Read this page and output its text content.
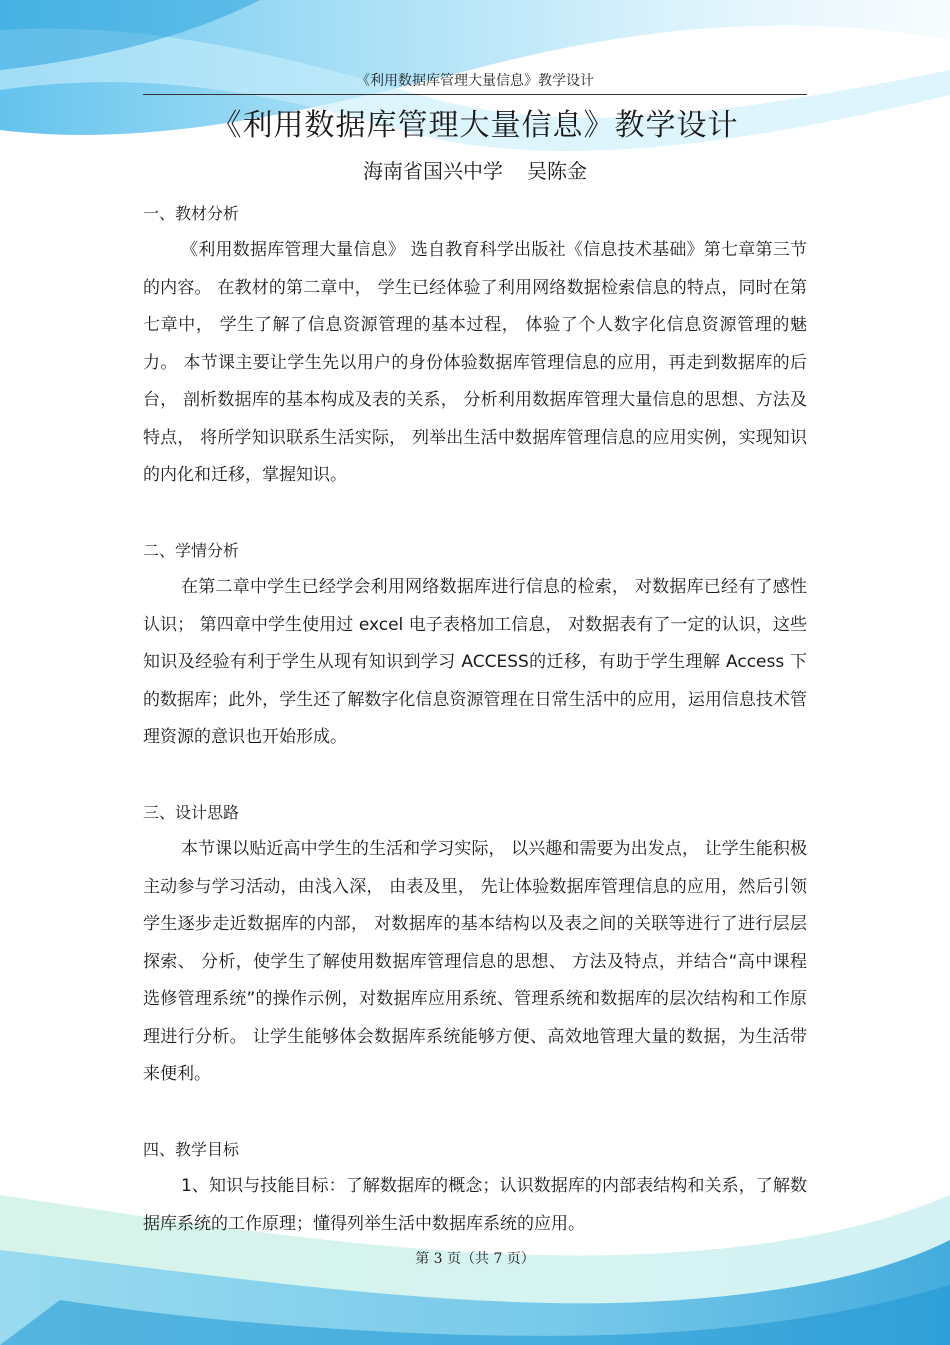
《利用数据库管理大量信息》教学设计
《利用数据库管理大量信息》教学设计
海南省国兴中学 吴陈金
一、教材分析

《利用数据库管理大量信息》 选自教育科学出版社《信息技术基础》第七章第三节的内容。 在教材的第二章中， 学生已经体验了利用网络数据检索信息的特点，同时在第七章中， 学生了解了信息资源管理的基本过程， 体验了个人数字化信息资源管理的魅力。 本节课主要让学生先以用户的身份体验数据库管理信息的应用，再走到数据库的后台， 剖析数据库的基本构成及表的关系， 分析利用数据库管理大量信息的思想、方法及特点， 将所学知识联系生活实际， 列举出生活中数据库管理信息的应用实例，实现知识的内化和迁移，掌握知识。

二、学情分析

在第二章中学生已经学会利用网络数据库进行信息的检索， 对数据库已经有了感性认识； 第四章中学生使用过 excel 电子表格加工信息， 对数据表有了一定的认识，这些知识及经验有利于学生从现有知识到学习 ACCESS的迁移，有助于学生理解 Access 下的数据库；此外，学生还了解数字化信息资源管理在日常生活中的应用，运用信息技术管理资源的意识也开始形成。

三、设计思路

本节课以贴近高中学生的生活和学习实际， 以兴趣和需要为出发点， 让学生能积极主动参与学习活动，由浅入深， 由表及里， 先让体验数据库管理信息的应用，然后引领学生逐步走近数据库的内部， 对数据库的基本结构以及表之间的关联等进行了进行层层探索、 分析，使学生了解使用数据库管理信息的思想、 方法及特点，并结合“高中课程选修管理系统”的操作示例，对数据库应用系统、管理系统和数据库的层次结构和工作原理进行分析。 让学生能够体会数据库系统能够方便、高效地管理大量的数据，为生活带来便利。

四、教学目标

1、知识与技能目标：了解数据库的概念；认识数据库的内部表结构和关系，了解数据库系统的工作原理；懂得列举生活中数据库系统的应用。

第 3 页（共 7 页）
